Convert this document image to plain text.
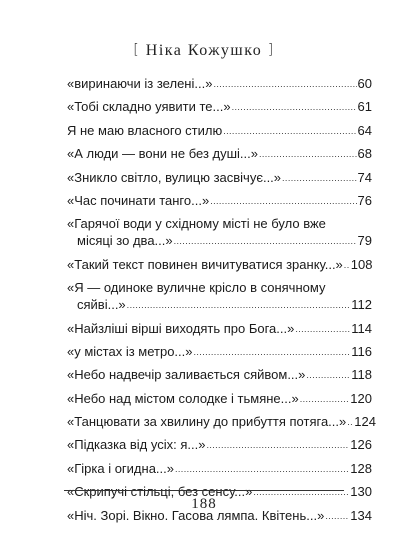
[ Ніка Кожушко ]
«виринаючи із зелені...» .....	60
«Тобі складно уявити те...» .....	61
Я не маю власного стилю .....	64
«А люди — вони не без душі...» .....	68
«Зникло світло, вулицю засвічує...» .....	74
«Час починати танго...» .....	76
«Гарячої води у східному місті не було вже
місяці зо два...» .....	79
«Такий текст повинен вичитуватися зранку...» ..... 108
«Я — одиноке вуличне крісло в сонячному
сяйві...» .....	112
«Найзліші вірші виходять про Бога...» .....	114
«у містах із метро...» .....	116
«Небо надвечір заливається сяйвом...» .....	118
«Небо над містом солодке і тьмяне...» .....	120
«Танцювати за хвилину до прибуття потяга...» ..... 124
«Підказка від усіх: я...» .....	126
«Гірка і огидна...» .....	128
«Скрипучі стільці, без сенсу...» .....	130
«Ніч. Зорі. Вікно. Гасова лямпа. Квітень...» ..... 134
188
